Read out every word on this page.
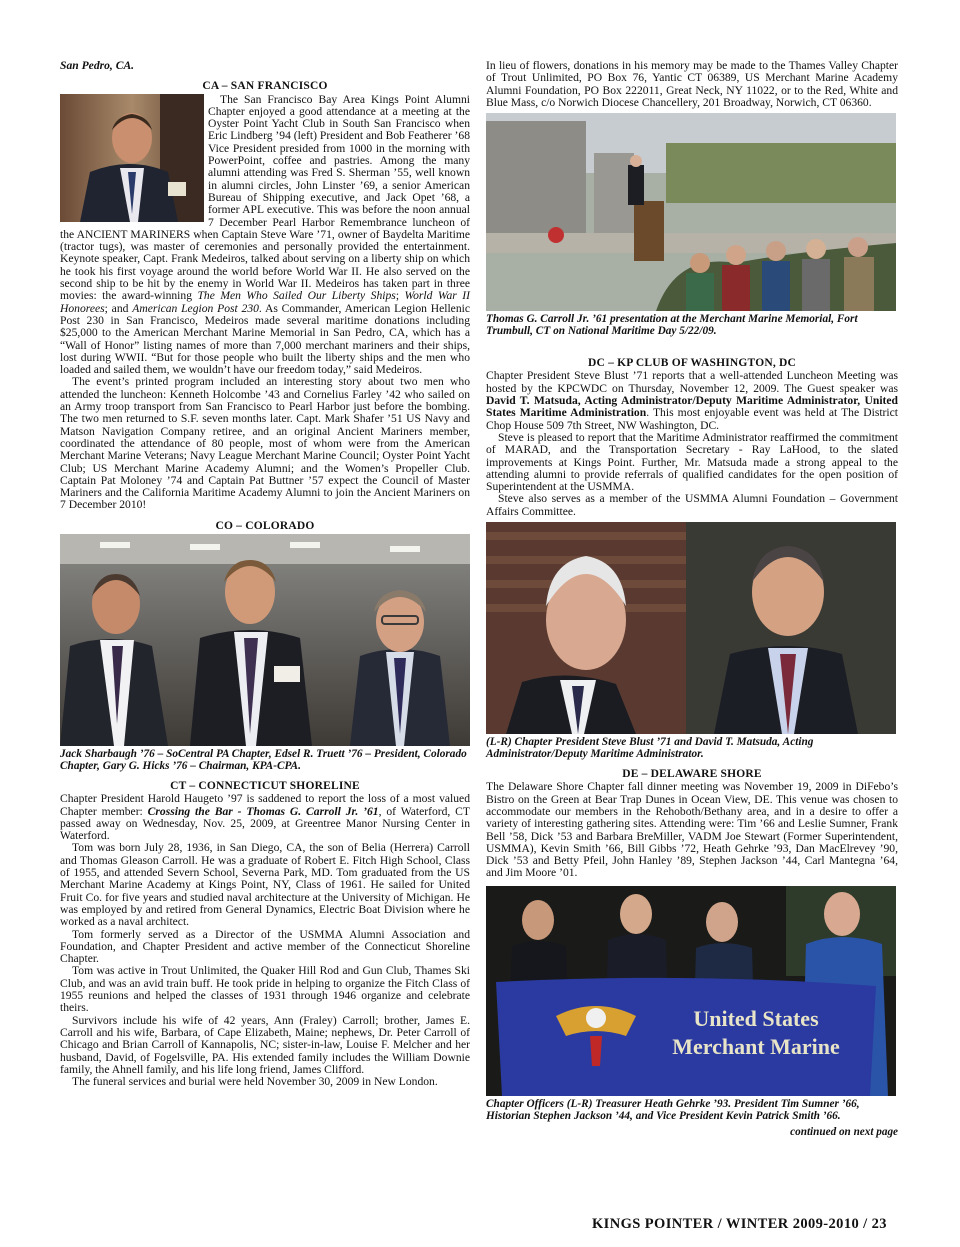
San Pedro, CA.

CA – SAN FRANCISCO

The San Francisco Bay Area Kings Point Alumni Chapter enjoyed a good attendance at a meeting at the Oyster Point Yacht Club in South San Francisco when Eric Lindberg ’94 (left) President and Bob Featherer ’68 Vice President presided from 1000 in the morning with PowerPoint, coffee and pastries. Among the many alumni attending was Fred S. Sherman ’55, well known in alumni circles, John Linster ’69, a senior American Bureau of Shipping executive, and Jack Opet ’68, a former APL executive. This was before the noon annual 7 December Pearl Harbor Remembrance luncheon of the ANCIENT MARINERS when Captain Steve Ware ’71, owner of Baydelta Maritime (tractor tugs), was master of ceremonies and personally provided the entertainment. Keynote speaker, Capt. Frank Medeiros, talked about serving on a liberty ship on which he took his first voyage around the world before World War II. He also served on the second ship to be hit by the enemy in World War II. Medeiros has taken part in three movies: the award-winning The Men Who Sailed Our Liberty Ships; World War II Honorees; and American Legion Post 230. As Commander, American Legion Hellenic Post 230 in San Francisco, Medeiros made several maritime donations including $25,000 to the American Merchant Marine Memorial in San Pedro, CA, which has a “Wall of Honor” listing names of more than 7,000 merchant mariners and their ships, lost during WWII. “But for those people who built the liberty ships and the men who loaded and sailed them, we wouldn’t have our freedom today,” said Medeiros.

The event’s printed program included an interesting story about two men who attended the luncheon: Kenneth Holcombe ’43 and Cornelius Farley ’42 who sailed on an Army troop transport from San Francisco to Pearl Harbor just before the bombing. The two men returned to S.F. seven months later. Capt. Mark Shafer ’51 US Navy and Matson Navigation Company retiree, and an original Ancient Mariners member, coordinated the attendance of 80 people, most of whom were from the American Merchant Marine Veterans; Navy League Merchant Marine Council; Oyster Point Yacht Club; US Merchant Marine Academy Alumni; and the Women’s Propeller Club. Captain Pat Moloney ’74 and Captain Pat Buttner ’57 expect the Council of Master Mariners and the California Maritime Academy Alumni to join the Ancient Mariners on 7 December 2010!

CO – COLORADO
Jack Sharbaugh ’76 – SoCentral PA Chapter, Edsel R. Truett ’76 – President, Colorado Chapter, Gary G. Hicks ’76 – Chairman, KPA-CPA.
CT – CONNECTICUT SHORELINE

Chapter President Harold Haugeto ’97 is saddened to report the loss of a most valued Chapter member: Crossing the Bar - Thomas G. Carroll Jr. ’61, of Waterford, CT passed away on Wednesday, Nov. 25, 2009, at Greentree Manor Nursing Center in Waterford.

Tom was born July 28, 1936, in San Diego, CA, the son of Belia (Herrera) Carroll and Thomas Gleason Carroll. He was a graduate of Robert E. Fitch High School, Class of 1955, and attended Severn School, Severna Park, MD. Tom graduated from the US Merchant Marine Academy at Kings Point, NY, Class of 1961. He sailed for United Fruit Co. for five years and studied naval architecture at the University of Michigan. He was employed by and retired from General Dynamics, Electric Boat Division where he worked as a naval architect.

Tom formerly served as a Director of the USMMA Alumni Association and Foundation, and Chapter President and active member of the Connecticut Shoreline Chapter.

Tom was active in Trout Unlimited, the Quaker Hill Rod and Gun Club, Thames Ski Club, and was an avid train buff. He took pride in helping to organize the Fitch Class of 1955 reunions and helped the classes of 1931 through 1946 organize and celebrate theirs.

Survivors include his wife of 42 years, Ann (Fraley) Carroll; brother, James E. Carroll and his wife, Barbara, of Cape Elizabeth, Maine; nephews, Dr. Peter Carroll of Chicago and Brian Carroll of Kannapolis, NC; sister-in-law, Louise F. Melcher and her husband, David, of Fogelsville, PA. His extended family includes the William Downie family, the Ahnell family, and his life long friend, James Clifford.

The funeral services and burial were held November 30, 2009 in New London.

In lieu of flowers, donations in his memory may be made to the Thames Valley Chapter of Trout Unlimited, PO Box 76, Yantic CT 06389, US Merchant Marine Academy Alumni Foundation, PO Box 222011, Great Neck, NY 11022, or to the Red, White and Blue Mass, c/o Norwich Diocese Chancellery, 201 Broadway, Norwich, CT 06360.

Thomas G. Carroll Jr. ’61 presentation at the Merchant Marine Memorial, Fort Trumbull, CT on National Maritime Day 5/22/09.
DC – KP CLUB OF WASHINGTON, DC

Chapter President Steve Blust ’71 reports that a well-attended Luncheon Meeting was hosted by the KPCWDC on Thursday, November 12, 2009. The Guest speaker was David T. Matsuda, Acting Administrator/Deputy Maritime Administrator, United States Maritime Administration. This most enjoyable event was held at The District Chop House 509 7th Street, NW Washington, DC.

Steve is pleased to report that the Maritime Administrator reaffirmed the commitment of MARAD, and the Transportation Secretary - Ray LaHood, to the slated improvements at Kings Point. Further, Mr. Matsuda made a strong appeal to the attending alumni to provide referrals of qualified candidates for the open position of Superintendent at the USMMA.

Steve also serves as a member of the USMMA Alumni Foundation – Government Affairs Committee.

(L-R) Chapter President Steve Blust ’71 and David T. Matsuda, Acting Administrator/Deputy Maritime Administrator.
DE – DELAWARE SHORE

The Delaware Shore Chapter fall dinner meeting was November 19, 2009 in DiFebo’s Bistro on the Green at Bear Trap Dunes in Ocean View, DE. This venue was chosen to accommodate our members in the Rehoboth/Bethany area, and in a desire to offer a variety of interesting gathering sites. Attending were: Tim ’66 and Leslie Sumner, Frank Bell ’58, Dick ’53 and Barbara BreMiller, VADM Joe Stewart (Former Superintendent, USMMA), Kevin Smith ’66, Bill Gibbs ’72, Heath Gehrke ’93, Dan MacElrevey ’90, Dick ’53 and Betty Pfeil, John Hanley ’89, Stephen Jackson ’44, Carl Mantegna ’64, and Jim Moore ’01.

United States
Merchant Marine
Chapter Officers (L-R) Treasurer Heath Gehrke ’93. President Tim Sumner ’66, Historian Stephen Jackson ’44, and Vice President Kevin Patrick Smith ’66.
continued on next page
KINGS POINTER / WINTER 2009-2010 / 23
